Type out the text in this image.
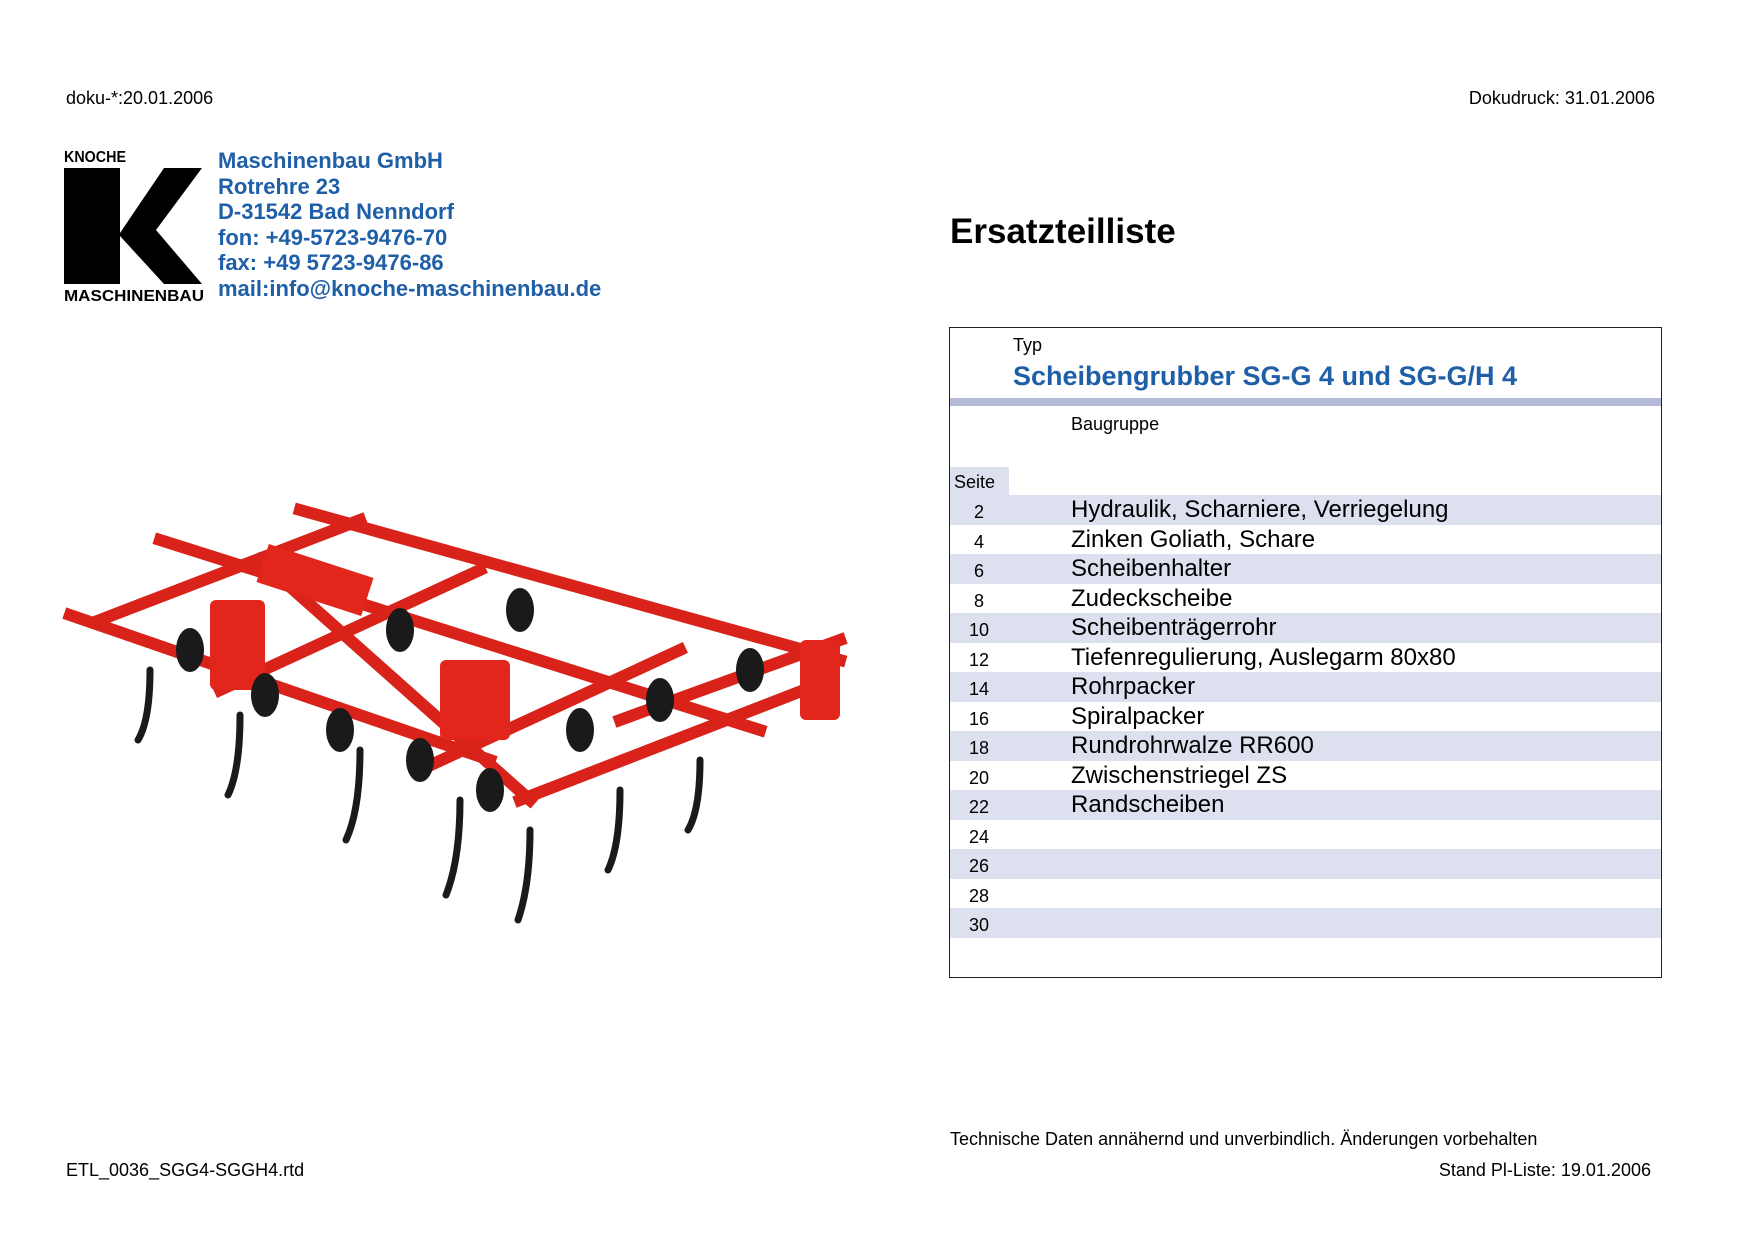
doku-*:20.01.2006	Dokudruck: 31.01.2006
KNOCHE
MASCHINENBAU
Maschinenbau GmbH
Rotrehre 23
D-31542 Bad Nenndorf
fon: +49-5723-9476-70
fax: +49 5723-9476-86
mail:info@knoche-maschinenbau.de
Ersatzteilliste
Typ
Scheibengrubber SG-G 4 und SG-G/H 4
Baugruppe
Seite
2	Hydraulik, Scharniere, Verriegelung
4	Zinken Goliath, Schare
6	Scheibenhalter
8	Zudeckscheibe
10	Scheibenträgerrohr
12	Tiefenregulierung, Auslegarm 80x80
14	Rohrpacker
16	Spiralpacker
18	Rundrohrwalze RR600
20	Zwischenstriegel ZS
22	Randscheiben
24
26
28
30
Technische Daten annähernd und unverbindlich. Änderungen vorbehalten
ETL_0036_SGG4-SGGH4.rtd	Stand Pl-Liste: 19.01.2006
